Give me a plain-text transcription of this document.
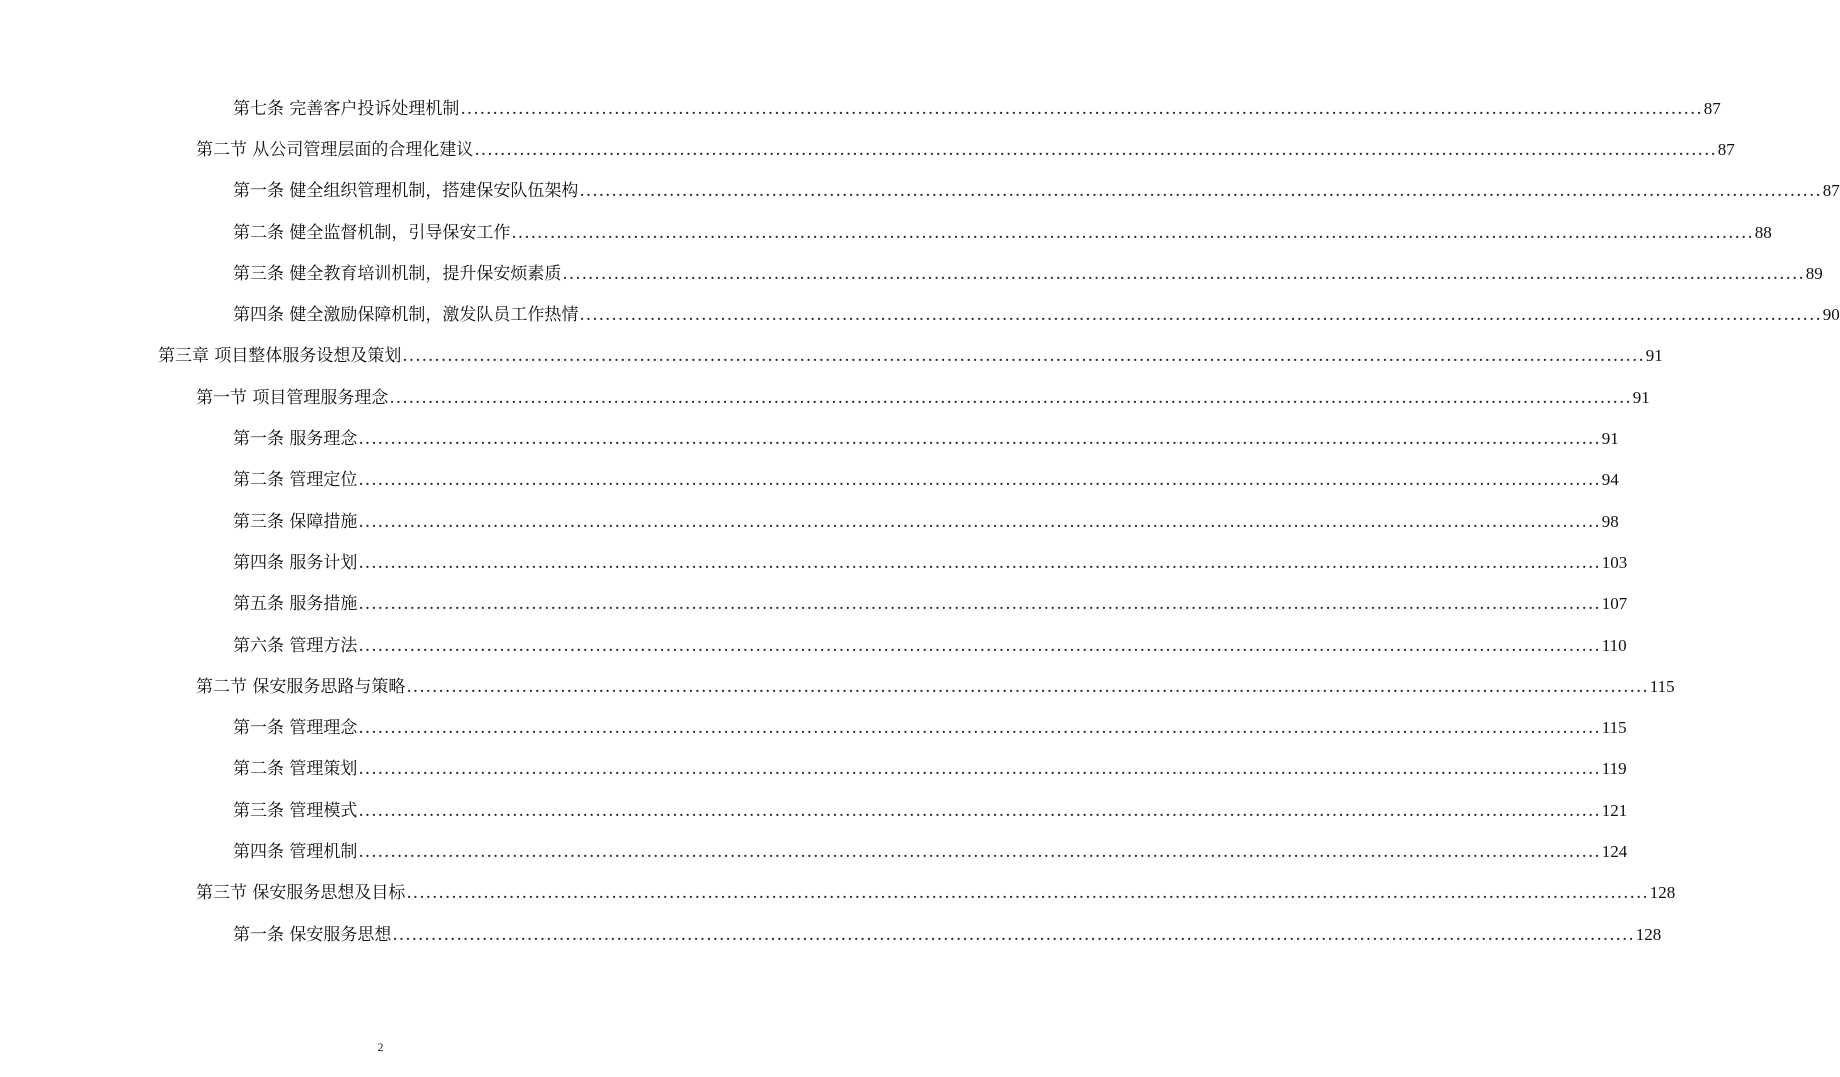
第七条 完善客户投诉处理机制 .....	87
第二节 从公司管理层面的合理化建议 .....	87
第一条 健全组织管理机制，搭建保安队伍架构 .....	87
第二条 健全监督机制，引导保安工作 .....	88
第三条 健全教育培训机制，提升保安烦素质 .....	89
第四条 健全激励保障机制，激发队员工作热情 .....	90
第三章 项目整体服务设想及策划 .....	91
第一节 项目管理服务理念 .....	91
第一条 服务理念 .....	91
第二条 管理定位 .....	94
第三条 保障措施 .....	98
第四条 服务计划 .....	103
第五条 服务措施 .....	107
第六条 管理方法 .....	110
第二节 保安服务思路与策略 .....	115
第一条 管理理念 .....	115
第二条 管理策划 .....	119
第三条 管理模式 .....	121
第四条 管理机制 .....	124
第三节 保安服务思想及目标 .....	128
第一条 保安服务思想 .....	128
2
